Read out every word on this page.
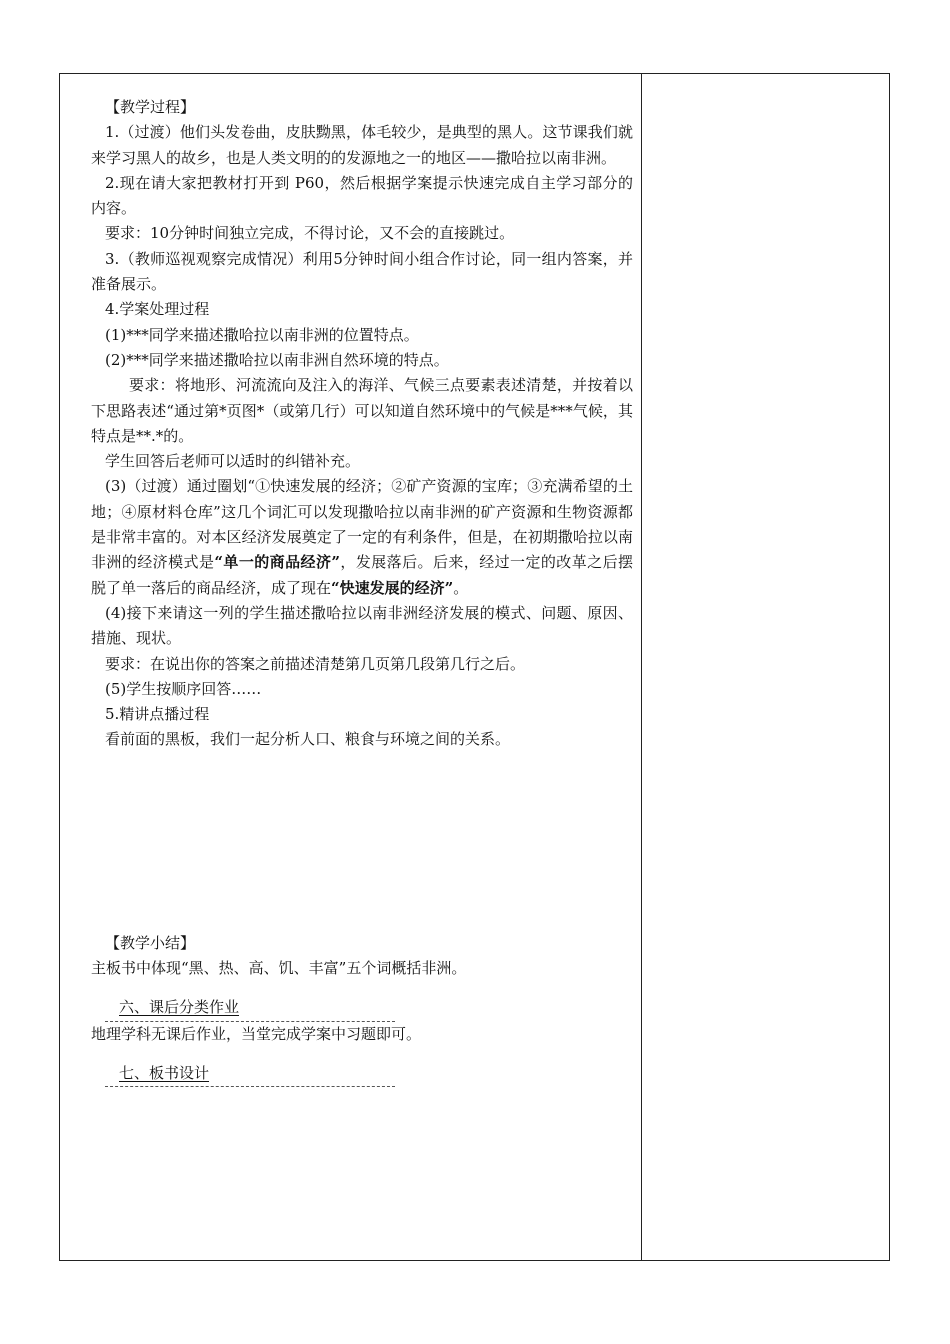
【教学过程】

1.（过渡）他们头发卷曲，皮肤黝黑，体毛较少，是典型的黑人。这节课我们就来学习黑人的故乡，也是人类文明的的发源地之一的地区——撒哈拉以南非洲。

2.现在请大家把教材打开到 P60，然后根据学案提示快速完成自主学习部分的内容。

要求：10分钟时间独立完成，不得讨论，又不会的直接跳过。

3.（教师巡视观察完成情况）利用5分钟时间小组合作讨论，同一组内答案，并准备展示。

4.学案处理过程

(1)***同学来描述撒哈拉以南非洲的位置特点。

(2)***同学来描述撒哈拉以南非洲自然环境的特点。

要求：将地形、河流流向及注入的海洋、气候三点要素表述清楚，并按着以下思路表述“通过第*页图*（或第几行）可以知道自然环境中的气候是***气候，其特点是**.*的。

学生回答后老师可以适时的纠错补充。

(3)（过渡）通过圈划“①快速发展的经济；②矿产资源的宝库；③充满希望的土地；④原材料仓库”这几个词汇可以发现撒哈拉以南非洲的矿产资源和生物资源都是非常丰富的。对本区经济发展奠定了一定的有利条件，但是，在初期撒哈拉以南非洲的经济模式是“单一的商品经济”，发展落后。后来，经过一定的改革之后摆脱了单一落后的商品经济，成了现在“快速发展的经济”。

(4)接下来请这一列的学生描述撒哈拉以南非洲经济发展的模式、问题、原因、措施、现状。

要求：在说出你的答案之前描述清楚第几页第几段第几行之后。

(5)学生按顺序回答……

5.精讲点播过程

看前面的黑板，我们一起分析人口、粮食与环境之间的关系。

【教学小结】

主板书中体现“黑、热、高、饥、丰富”五个词概括非洲。

六、课后分类作业

地理学科无课后作业，当堂完成学案中习题即可。

七、板书设计
